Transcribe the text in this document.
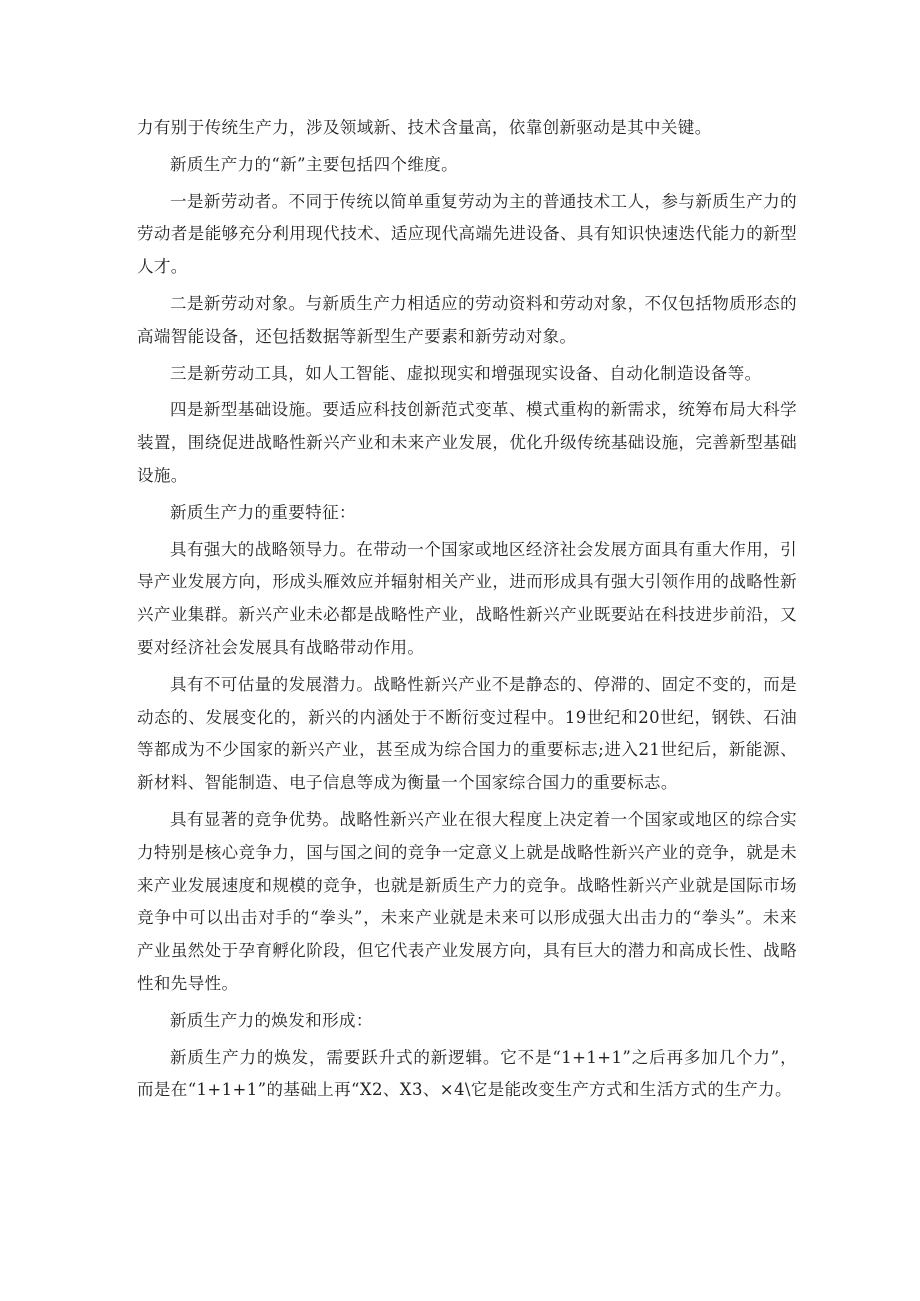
力有别于传统生产力，涉及领域新、技术含量高，依靠创新驱动是其中关键。

新质生产力的“新”主要包括四个维度。

一是新劳动者。不同于传统以简单重复劳动为主的普通技术工人，参与新质生产力的劳动者是能够充分利用现代技术、适应现代高端先进设备、具有知识快速迭代能力的新型人才。

二是新劳动对象。与新质生产力相适应的劳动资料和劳动对象，不仅包括物质形态的高端智能设备，还包括数据等新型生产要素和新劳动对象。

三是新劳动工具，如人工智能、虚拟现实和增强现实设备、自动化制造设备等。

四是新型基础设施。要适应科技创新范式变革、模式重构的新需求，统筹布局大科学装置，围绕促进战略性新兴产业和未来产业发展，优化升级传统基础设施，完善新型基础设施。

新质生产力的重要特征：

具有强大的战略领导力。在带动一个国家或地区经济社会发展方面具有重大作用，引导产业发展方向，形成头雁效应并辐射相关产业，进而形成具有强大引领作用的战略性新兴产业集群。新兴产业未必都是战略性产业，战略性新兴产业既要站在科技进步前沿，又要对经济社会发展具有战略带动作用。

具有不可估量的发展潜力。战略性新兴产业不是静态的、停滞的、固定不变的，而是动态的、发展变化的，新兴的内涵处于不断衍变过程中。19世纪和20世纪，钢铁、石油等都成为不少国家的新兴产业，甚至成为综合国力的重要标志;进入21世纪后，新能源、新材料、智能制造、电子信息等成为衡量一个国家综合国力的重要标志。

具有显著的竞争优势。战略性新兴产业在很大程度上决定着一个国家或地区的综合实力特别是核心竞争力，国与国之间的竞争一定意义上就是战略性新兴产业的竞争，就是未来产业发展速度和规模的竞争，也就是新质生产力的竞争。战略性新兴产业就是国际市场竞争中可以出击对手的“拳头”，未来产业就是未来可以形成强大出击力的“拳头”。未来产业虽然处于孕育孵化阶段，但它代表产业发展方向，具有巨大的潜力和高成长性、战略性和先导性。

新质生产力的焕发和形成：

新质生产力的焕发，需要跃升式的新逻辑。它不是“1+1+1”之后再多加几个力”，而是在“1+1+1”的基础上再“X2、X3、×4\它是能改变生产方式和生活方式的生产力。
